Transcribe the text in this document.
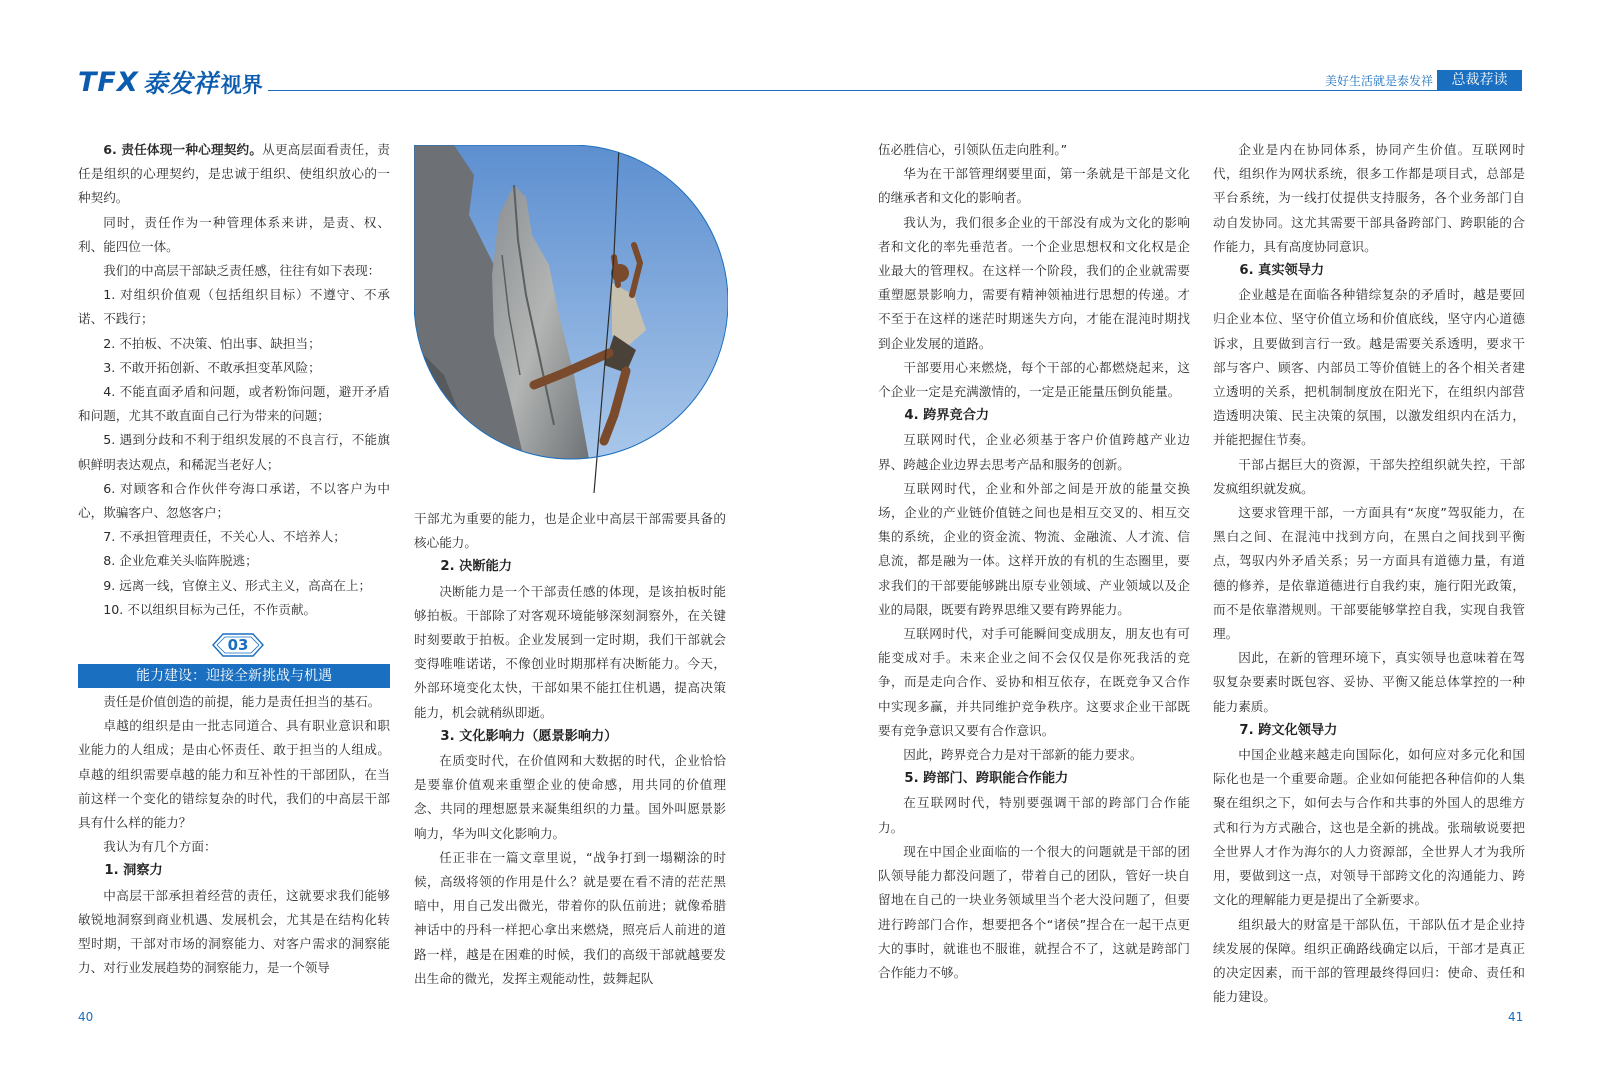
TFX 泰发祥 视界	美好生活就是泰发祥	总裁荐读

6. 责任体现一种心理契约。从更高层面看责任，责任是组织的心理契约，是忠诚于组织、使组织放心的一种契约。

同时，责任作为一种管理体系来讲，是责、权、利、能四位一体。

我们的中高层干部缺乏责任感，往往有如下表现：

1. 对组织价值观（包括组织目标）不遵守、不承诺、不践行；

2. 不拍板、不决策、怕出事、缺担当；

3. 不敢开拓创新、不敢承担变革风险；

4. 不能直面矛盾和问题，或者粉饰问题，避开矛盾和问题，尤其不敢直面自己行为带来的问题；

5. 遇到分歧和不利于组织发展的不良言行，不能旗帜鲜明表达观点，和稀泥当老好人；

6. 对顾客和合作伙伴夸海口承诺，不以客户为中心，欺骗客户、忽悠客户；

7. 不承担管理责任，不关心人、不培养人；

8. 企业危难关头临阵脱逃；

9. 远离一线，官僚主义、形式主义，高高在上；

10. 不以组织目标为己任，不作贡献。

03
能力建设：迎接全新挑战与机遇

责任是价值创造的前提，能力是责任担当的基石。

卓越的组织是由一批志同道合、具有职业意识和职业能力的人组成；是由心怀责任、敢于担当的人组成。卓越的组织需要卓越的能力和互补性的干部团队，在当前这样一个变化的错综复杂的时代，我们的中高层干部具有什么样的能力？

我认为有几个方面：

1. 洞察力

中高层干部承担着经营的责任，这就要求我们能够敏锐地洞察到商业机遇、发展机会，尤其是在结构化转型时期，干部对市场的洞察能力、对客户需求的洞察能力、对行业发展趋势的洞察能力，是一个领导

干部尤为重要的能力，也是企业中高层干部需要具备的核心能力。

2. 决断能力

决断能力是一个干部责任感的体现，是该拍板时能够拍板。干部除了对客观环境能够深刻洞察外，在关键时刻要敢于拍板。企业发展到一定时期，我们干部就会变得唯唯诺诺，不像创业时期那样有决断能力。今天，外部环境变化太快，干部如果不能扛住机遇，提高决策能力，机会就稍纵即逝。

3. 文化影响力（愿景影响力）

在质变时代，在价值网和大数据的时代，企业恰恰是要靠价值观来重塑企业的使命感，用共同的价值理念、共同的理想愿景来凝集组织的力量。国外叫愿景影响力，华为叫文化影响力。

任正非在一篇文章里说，“战争打到一塌糊涂的时候，高级将领的作用是什么？就是要在看不清的茫茫黑暗中，用自己发出微光，带着你的队伍前进；就像希腊神话中的丹科一样把心拿出来燃烧，照亮后人前进的道路一样，越是在困难的时候，我们的高级干部就越要发出生命的微光，发挥主观能动性，鼓舞起队

伍必胜信心，引领队伍走向胜利。”

华为在干部管理纲要里面，第一条就是干部是文化的继承者和文化的影响者。

我认为，我们很多企业的干部没有成为文化的影响者和文化的率先垂范者。一个企业思想权和文化权是企业最大的管理权。在这样一个阶段，我们的企业就需要重塑愿景影响力，需要有精神领袖进行思想的传递。才不至于在这样的迷茫时期迷失方向，才能在混沌时期找到企业发展的道路。

干部要用心来燃烧，每个干部的心都燃烧起来，这个企业一定是充满激情的，一定是正能量压倒负能量。

4. 跨界竞合力

互联网时代，企业必须基于客户价值跨越产业边界、跨越企业边界去思考产品和服务的创新。

互联网时代，企业和外部之间是开放的能量交换场，企业的产业链价值链之间也是相互交叉的、相互交集的系统，企业的资金流、物流、金融流、人才流、信息流，都是融为一体。这样开放的有机的生态圈里，要求我们的干部要能够跳出原专业领域、产业领域以及企业的局限，既要有跨界思维又要有跨界能力。

互联网时代，对手可能瞬间变成朋友，朋友也有可能变成对手。未来企业之间不会仅仅是你死我活的竞争，而是走向合作、妥协和相互依存，在既竞争又合作中实现多赢，并共同维护竞争秩序。这要求企业干部既要有竞争意识又要有合作意识。

因此，跨界竞合力是对干部新的能力要求。

5. 跨部门、跨职能合作能力

在互联网时代，特别要强调干部的跨部门合作能力。

现在中国企业面临的一个很大的问题就是干部的团队领导能力都没问题了，带着自己的团队，管好一块自留地在自己的一块业务领域里当个老大没问题了，但要进行跨部门合作，想要把各个“诸侯”捏合在一起干点更大的事时，就谁也不服谁，就捏合不了，这就是跨部门合作能力不够。

企业是内在协同体系，协同产生价值。互联网时代，组织作为网状系统，很多工作都是项目式，总部是平台系统，为一线打仗提供支持服务，各个业务部门自动自发协同。这尤其需要干部具备跨部门、跨职能的合作能力，具有高度协同意识。

6. 真实领导力

企业越是在面临各种错综复杂的矛盾时，越是要回归企业本位、坚守价值立场和价值底线，坚守内心道德诉求，且要做到言行一致。越是需要关系透明，要求干部与客户、顾客、内部员工等价值链上的各个相关者建立透明的关系，把机制制度放在阳光下，在组织内部营造透明决策、民主决策的氛围，以激发组织内在活力，并能把握住节奏。

干部占据巨大的资源，干部失控组织就失控，干部发疯组织就发疯。

这要求管理干部，一方面具有“灰度”驾驭能力，在黑白之间、在混沌中找到方向，在黑白之间找到平衡点，驾驭内外矛盾关系；另一方面具有道德力量，有道德的修养，是依靠道德进行自我约束，施行阳光政策，而不是依靠潜规则。干部要能够掌控自我，实现自我管理。

因此，在新的管理环境下，真实领导也意味着在驾驭复杂要素时既包容、妥协、平衡又能总体掌控的一种能力素质。

7. 跨文化领导力

中国企业越来越走向国际化，如何应对多元化和国际化也是一个重要命题。企业如何能把各种信仰的人集聚在组织之下，如何去与合作和共事的外国人的思维方式和行为方式融合，这也是全新的挑战。张瑞敏说要把全世界人才作为海尔的人力资源部，全世界人才为我所用，要做到这一点，对领导干部跨文化的沟通能力、跨文化的理解能力更是提出了全新要求。

组织最大的财富是干部队伍，干部队伍才是企业持续发展的保障。组织正确路线确定以后，干部才是真正的决定因素，而干部的管理最终得回归：使命、责任和能力建设。

40	41
